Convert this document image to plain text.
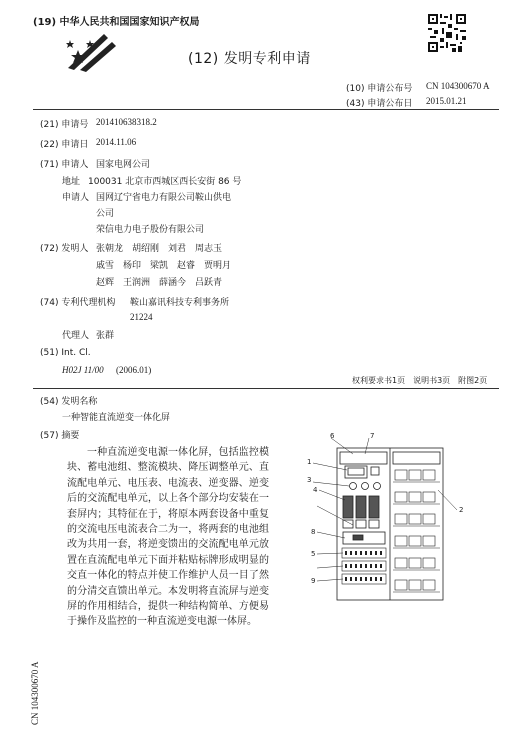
(19) 中华人民共和国国家知识产权局
(12) 发明专利申请
(10) 申请公布号 CN 104300670 A
(43) 申请公布日 2015.01.21
(21) 申请号 201410638318.2
(22) 申请日 2014.11.06
(71) 申请人 国家电网公司
地址 100031 北京市西城区西长安街 86 号
申请人 国网辽宁省电力有限公司鞍山供电
公司
荣信电力电子股份有限公司
(72) 发明人 张朝龙　胡绍刚　刘君　周志玉
戚雪　杨印　梁凯　赵睿　贾明月
赵辉　王润洲　薛涵今　吕跃青
(74) 专利代理机构 鞍山嘉讯科技专利事务所
21224
代理人 张群
(51) Int. Cl.
H02J 11/00 (2006.01)
权利要求书1页　说明书3页　附图2页
(54) 发明名称
一种智能直流逆变一体化屏
(57) 摘要
一种直流逆变电源一体化屏，包括监控模块、蓄电池组、整流模块、降压调整单元、直流配电单元、电压表、电流表、逆变器、逆变后的交流配电单元，以上各个部分均安装在一套屏内；其特征在于，将原本两套设备中重复的交流电压电流表合二为一，将两套的电池组改为共用一套，将逆变馈出的交流配电单元放置在直流配电单元下面并粘贴标牌形成明显的交直一体化的特点并使工作维护人员一目了然的分清交直馈出单元。本发明将直流屏与逆变屏的作用相结合，提供一种结构简单、方便易于操作及监控的一种直流逆变电源一体屏。
CN 104300670 A
6	7
1
3
4
8
5
9
2
